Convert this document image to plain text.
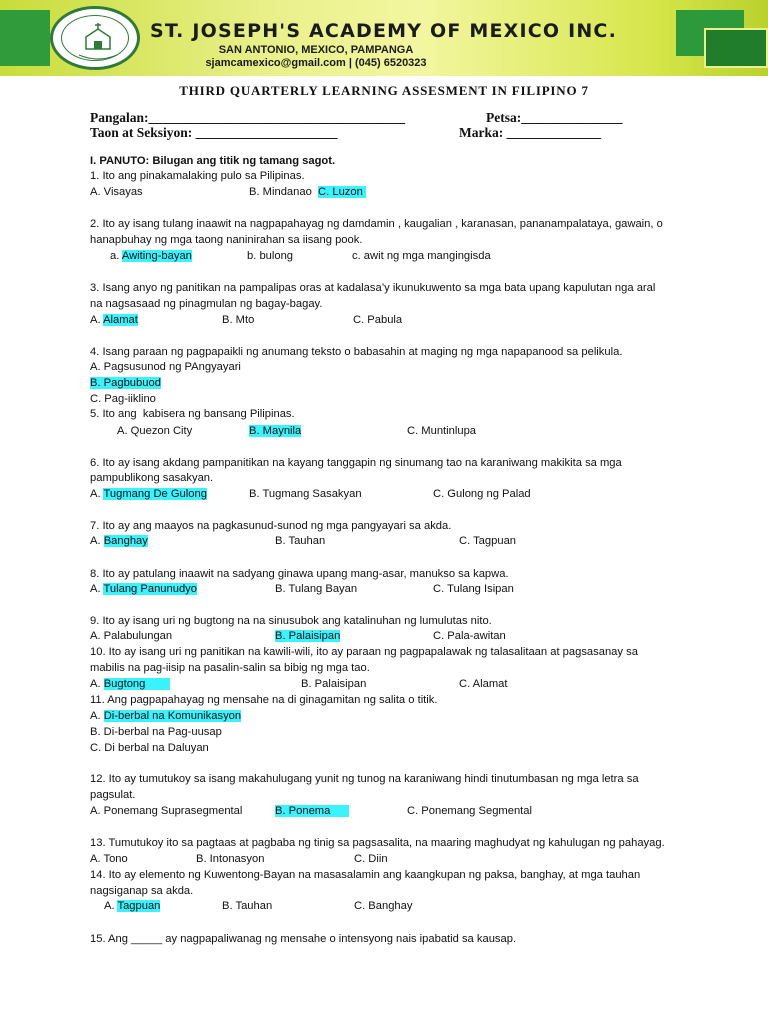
ST. JOSEPH'S ACADEMY OF MEXICO INC.
SAN ANTONIO, MEXICO, PAMPANGA
sjamcamexico@gmail.com | (045) 6520323
THIRD QUARTERLY LEARNING ASSESMENT IN FILIPINO 7
Pangalan:______________________________________	Petsa:_______________
Taon at Seksiyon: _____________________	Marka: ______________
I. PANUTO: Bilugan ang titik ng tamang sagot.
1. Ito ang pinakamalaking pulo sa Pilipinas.
A. Visayas	B. Mindanao  C. Luzon
2. Ito ay isang tulang inaawit na nagpapahayag ng damdamin , kaugalian , karanasan, pananampalataya, gawain, o
hanapbuhay ng mga taong naninirahan sa iisang pook.
a. Awiting-bayan	b. bulong	c. awit ng mga mangingisda
3. Isang anyo ng panitikan na pampalipas oras at kadalasa’y ikunukuwento sa mga bata upang kapulutan nga aral
na nagsasaad ng pinagmulan ng bagay-bagay.
A. Alamat	B. Mto	C. Pabula
4. Isang paraan ng pagpapaikli ng anumang teksto o babasahin at maging ng mga napapanood sa pelikula.
A. Pagsusunod ng PAngyayari
B. Pagbubuod
C. Pag-iiklino
5. Ito ang  kabisera ng bansang Pilipinas.
A. Quezon City	B. Maynila	C. Muntinlupa
6. Ito ay isang akdang pampanitikan na kayang tanggapin ng sinumang tao na karaniwang makikita sa mga
pampublikong sasakyan.
A. Tugmang De Gulong	B. Tugmang Sasakyan	C. Gulong ng Palad
7. Ito ay ang maayos na pagkasunud-sunod ng mga pangyayari sa akda.
A. Banghay	B. Tauhan	C. Tagpuan
8. Ito ay patulang inaawit na sadyang ginawa upang mang-asar, manukso sa kapwa.
A. Tulang Panunudyo	B. Tulang Bayan	C. Tulang Isipan
9. Ito ay isang uri ng bugtong na na sinusubok ang katalinuhan ng lumulutas nito.
A. Palabulungan	B. Palaisipan	C. Pala-awitan
10. Ito ay isang uri ng panitikan na kawili-wili, ito ay paraan ng pagpapalawak ng talasalitaan at pagsasanay sa
mabilis na pag-iisip na pasalin-salin sa bibig ng mga tao.
A. Bugtong	B. Palaisipan	C. Alamat
11. Ang pagpapahayag ng mensahe na di ginagamitan ng salita o titik.
A. Di-berbal na Komunikasyon
B. Di-berbal na Pag-uusap
C. Di berbal na Daluyan
12. Ito ay tumutukoy sa isang makahulugang yunit ng tunog na karaniwang hindi tinutumbasan ng mga letra sa
pagsulat.
A. Ponemang Suprasegmental	B. Ponema	C. Ponemang Segmental
13. Tumutukoy ito sa pagtaas at pagbaba ng tinig sa pagsasalita, na maaring maghudyat ng kahulugan ng pahayag.
A. Tono	B. Intonasyon	C. Diin
14. Ito ay elemento ng Kuwentong-Bayan na masasalamin ang kaangkupan ng paksa, banghay, at mga tauhan
nagsiganap sa akda.
A. Tagpuan	B. Tauhan	C. Banghay
15. Ang _____ ay nagpapaliwanag ng mensahe o intensyong nais ipabatid sa kausap.
